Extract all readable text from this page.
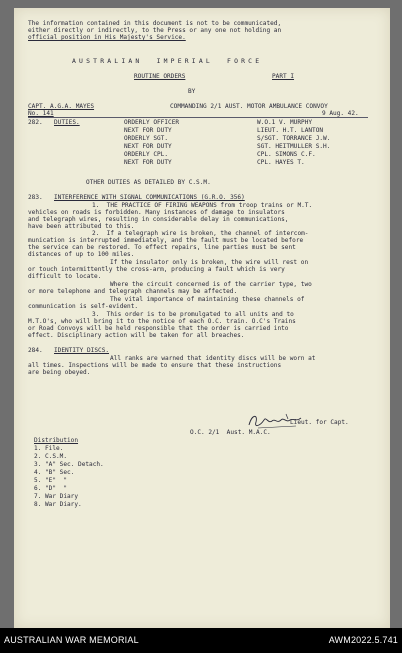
The information contained in this document is not to be communicated,
either directly or indirectly, to the Press or any one not holding an
official position in His Majesty's Service.
AUSTRALIAN  IMPERIAL  FORCE
ROUTINE ORDERS	PART I
BY
CAPT. A.G.A. MAYES	COMMANDING 2/1 AUST. MOTOR AMBULANCE CONVOY
No. 141	9 Aug. 42.
282. DUTIES.	ORDERLY OFFICER	W.O.1 V. MURPHY
NEXT FOR DUTY	LIEUT. H.T. LANTON
ORDERLY SGT.	S/SGT. TORRANCE J.W.
NEXT FOR DUTY	SGT. HEITMULLER S.H.
ORDERLY CPL.	CPL. SIMONS C.F.
NEXT FOR DUTY	CPL. HAYES T.
OTHER DUTIES AS DETAILED BY C.S.M.
283. INTERFERENCE WITH SIGNAL COMMUNICATIONS (G.R.O. 356)
1.  THE PRACTICE OF FIRING WEAPONS from troop trains or M.T.
vehicles on roads is forbidden. Many instances of damage to insulators
and telegraph wires, resulting in considerable delay in communications,
have been attributed to this.
2.  If a telegraph wire is broken, the channel of intercom-
munication is interrupted immediately, and the fault must be located before
the service can be restored. To effect repairs, line parties must be sent
distances of up to 100 miles.
If the insulator only is broken, the wire will rest on
or touch intermittently the cross-arm, producing a fault which is very
difficult to locate.
Where the circuit concerned is of the carrier type, two
or more telephone and telegraph channels may be affected.
The vital importance of maintaining these channels of
communication is self-evident.
3.  This order is to be promulgated to all units and to
M.T.O's, who will bring it to the notice of each O.C. train. O.C's Trains
or Road Convoys will be held responsible that the order is carried into
effect. Disciplinary action will be taken for all breaches.
284. IDENTITY DISCS.
All ranks are warned that identity discs will be worn at
all times. Inspections will be made to ensure that these instructions
are being obeyed.
Lieut. for Capt.
O.C. 2/1  Aust. M.A.C.
Distribution
1. File.
2. C.S.M.
3. "A" Sec. Detach.
4. "B" Sec.
5. "E"  "
6. "D"  "
7. War Diary
8. War Diary.
AUSTRALIAN WAR MEMORIAL	AWM2022.5.741
